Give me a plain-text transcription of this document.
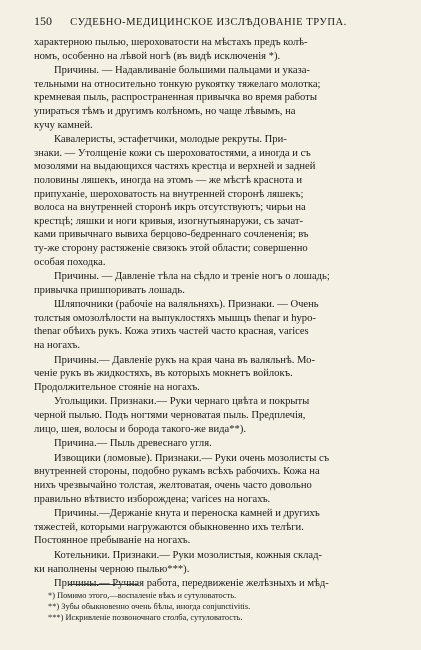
150	СУДЕБНО-МЕДИЦИНСКОЕ ИЗСЛѢДОВАНІЕ ТРУПА.

характерною пылью, шероховатости на мѣстахъ предъ колѣ-

номъ, особенно на лѣвой ногѣ (въ видѣ исключенія *).

Причины. — Надавливаніе большими пальцами и указа-

тельными на относительно тонкую рукоятку тяжелаго молотка;

кремневая пыль, распространенная привычка во время работы

упираться тѣмъ и другимъ колѣномъ, но чаще лѣвымъ, на

кучу камней.

Кавалеристы, эстафетчики, молодые рекруты. При-

знаки. — Утолщеніе кожи съ шероховатостями, а иногда и съ

мозолями на выдающихся частяхъ крестца и верхней и задней

половины ляшекъ, иногда на этомъ — же мѣстѣ краснота и

припуханіе, шероховатость на внутренней сторонѣ ляшекъ;

волоса на внутренней сторонѣ икръ отсутствуютъ; чирьи на

крестцѣ; ляшки и ноги кривыя, изогнутыянаружи, съ зачат-

ками привычнаго вывиха берцово-бедреннаго сочлененія; въ

ту-же сторону растяженіе связокъ этой области; совершенно

особая походка.

Причины. — Давленіе тѣла на сѣдло и треніе ногъ о лошадь;

привычка пришпоривать лошадь.

Шляпочники (рабочіе на валяльняхъ). Признаки. — Очень

толстыя омозолѣлости на выпуклостяхъ мышцъ thenar и hypo-

thenar обѣихъ рукъ. Кожа этихъ частей часто красная, varices

на ногахъ.

Причины.— Давленіе рукъ на края чана въ валяльнѣ. Мо-

ченіе рукъ въ жидкостяхъ, въ которыхъ мокнетъ войлокъ.

Продолжительное стояніе на ногахъ.

Угольщики. Признаки.— Руки чернаго цвѣта и покрыты

черной пылью. Подъ ногтями черноватая пыль. Предплечія,

лицо, шея, волосы и борода такого-же вида**).

Причина.— Пыль древеснаго угля.

Извощики (ломовые). Признаки.— Руки очень мозолисты съ

внутренней стороны, подобно рукамъ всѣхъ рабочихъ. Кожа на

нихъ чрезвычайно толстая, желтоватая, очень часто довольно

правильно вѣтвисто изборожденa; varices на ногахъ.

Причины.—Держаніе кнута и переноска камней и другихъ

тяжестей, которыми нагружаются обыкновенно ихъ телѣги.

Постоянное пребываніе на ногахъ.

Котельники. Признаки.— Руки мозолистыя, кожныя склад-

ки наполнены черною пылью***).

Причины.— Ручная работа, передвиженіе желѣзныхъ и мѣд-

*) Помимо этого,—воспаленіе вѣкъ и сутуловатость.
**) Зубы обыкновенно очень бѣлы, иногда conjunctivitis.
***) Искривленіе позвоночнаго столба, сутуловатость.
